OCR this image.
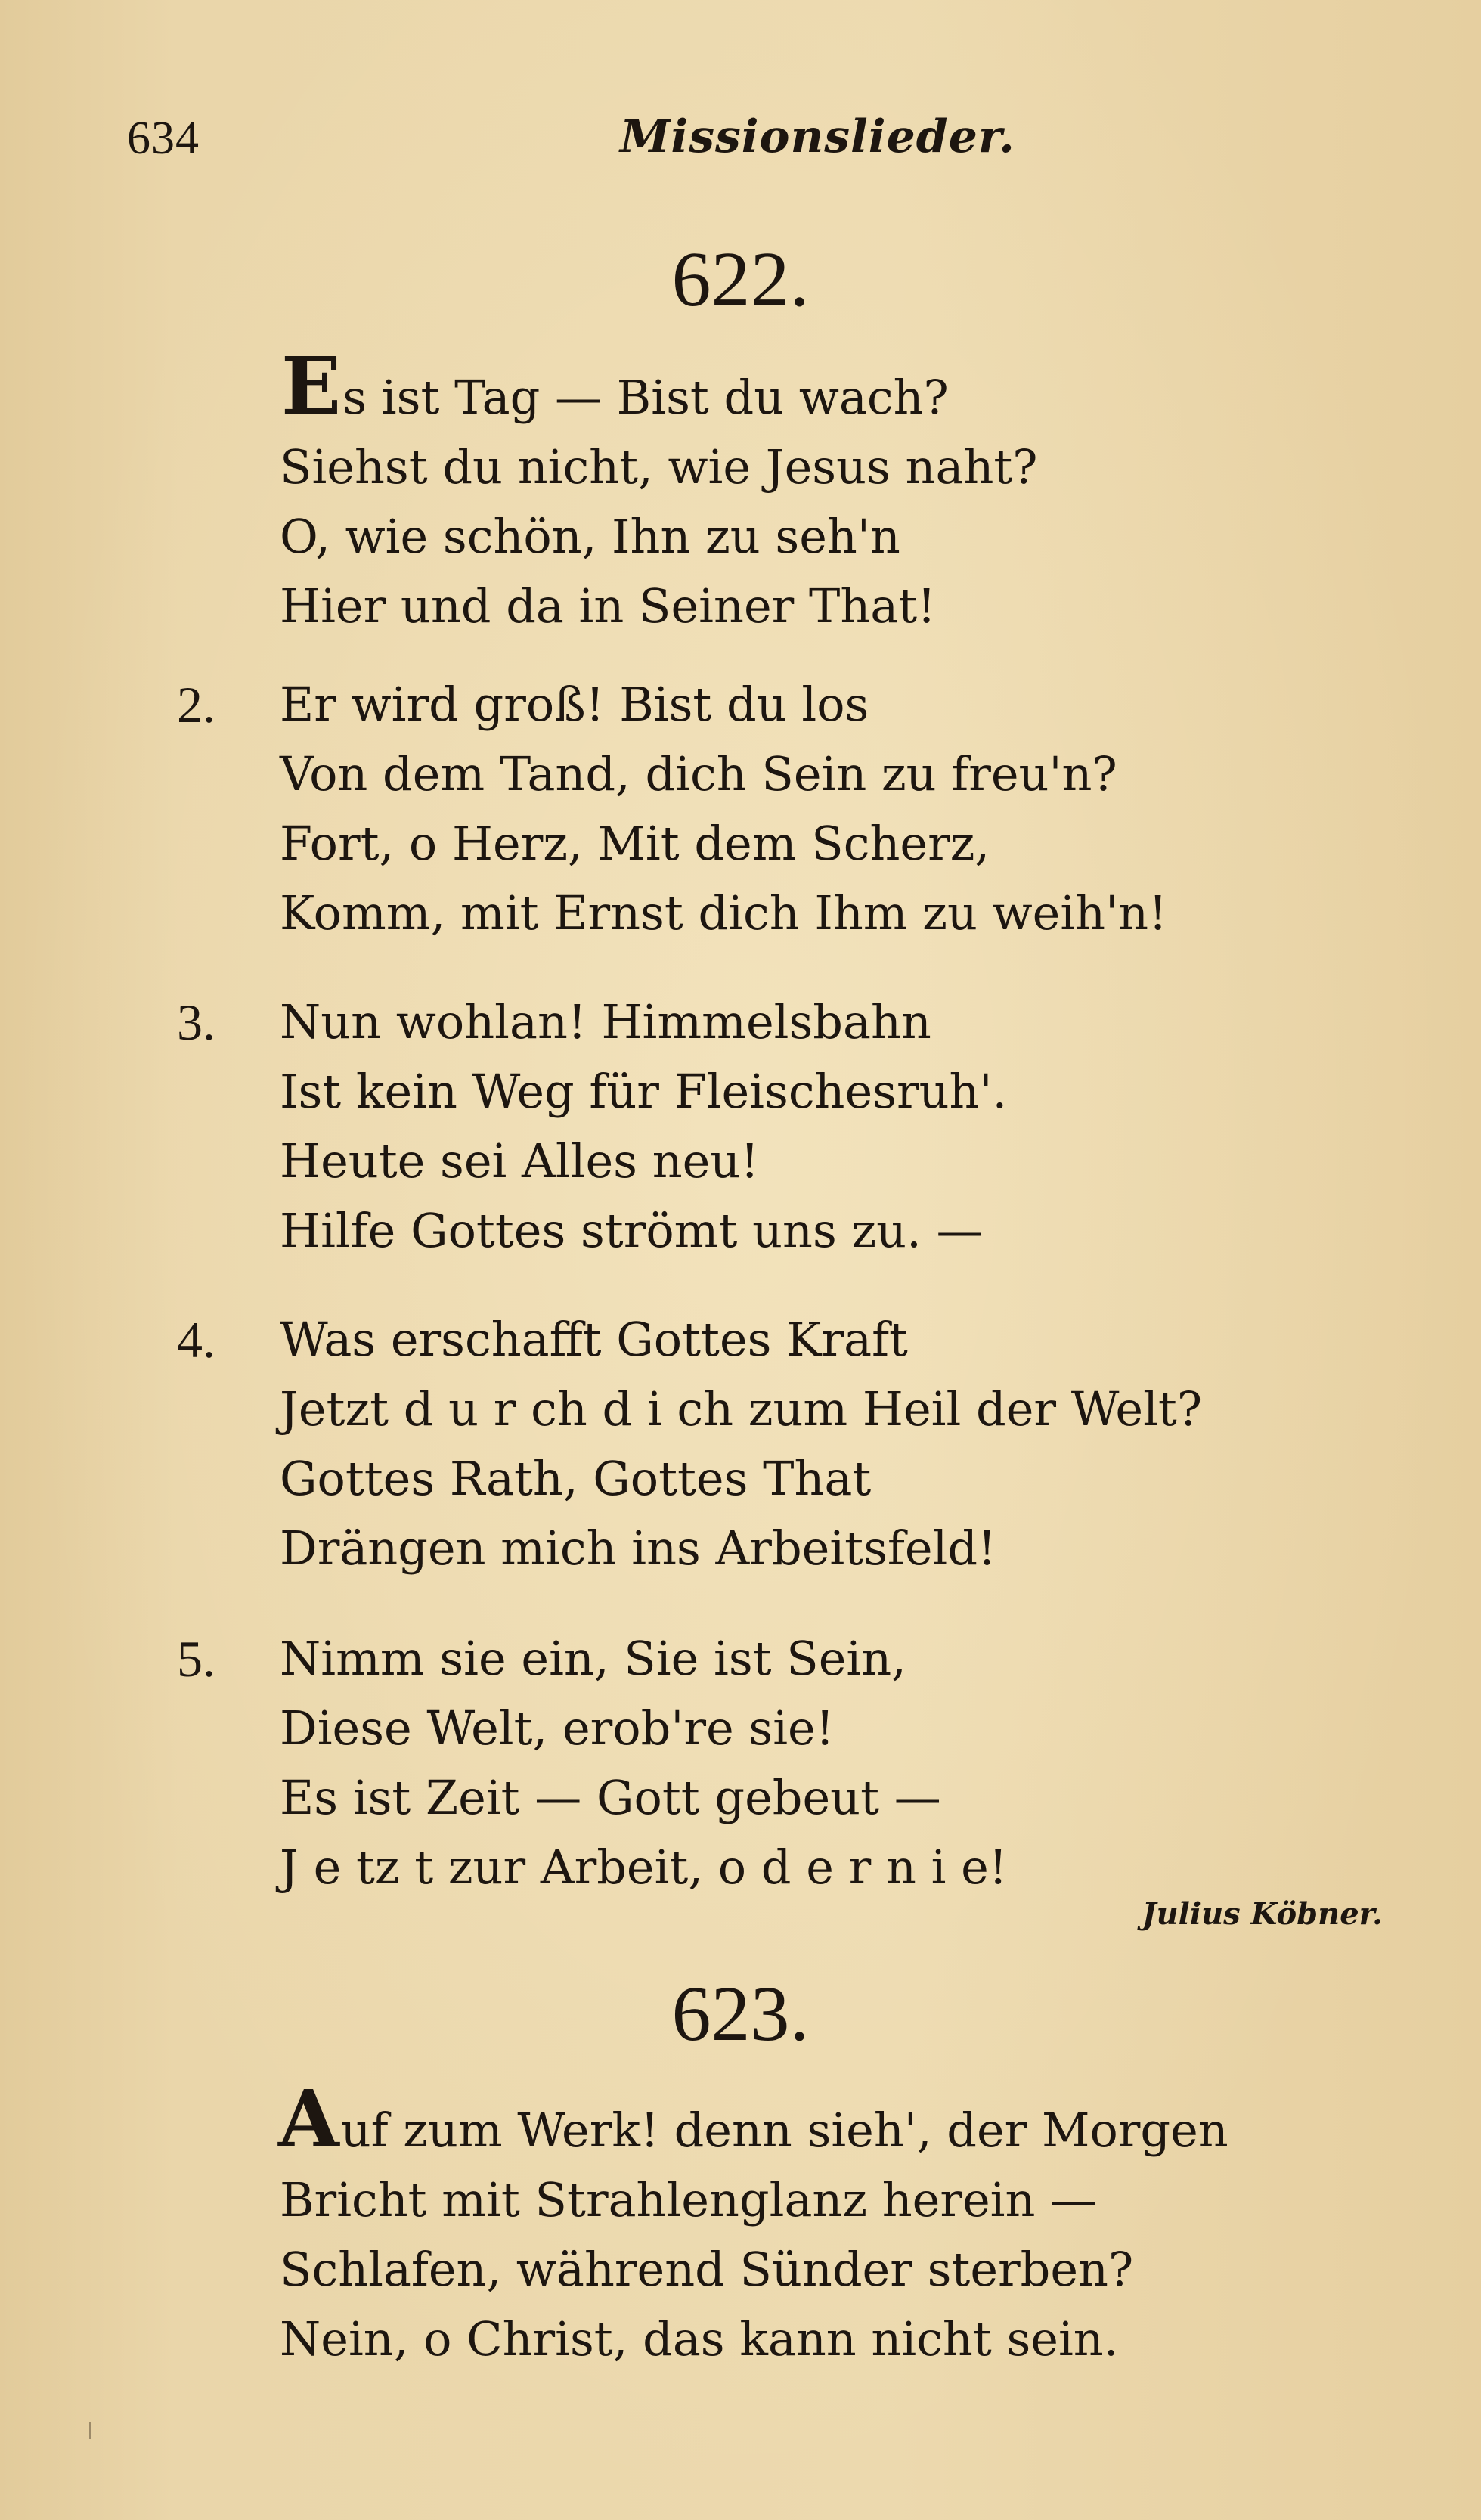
634	Missionslieder.
622.
Es ist Tag — Bist du wach?
Siehst du nicht, wie Jesus naht?
O, wie schön, Ihn zu seh'n
Hier und da in Seiner That!
2. Er wird groß! Bist du los
Von dem Tand, dich Sein zu freu'n?
Fort, o Herz, Mit dem Scherz,
Komm, mit Ernst dich Ihm zu weih'n!
3. Nun wohlan! Himmelsbahn
Ist kein Weg für Fleischesruh'.
Heute sei Alles neu!
Hilfe Gottes strömt uns zu. —
4. Was erschafft Gottes Kraft
Jetzt d u r ch d i ch zum Heil der Welt?
Gottes Rath, Gottes That
Drängen mich ins Arbeitsfeld!
5. Nimm sie ein, Sie ist Sein,
Diese Welt, erob're sie!
Es ist Zeit — Gott gebeut —
J e tz t zur Arbeit, o d e r n i e!
Julius Köbner.
623.
Auf zum Werk! denn sieh', der Morgen
Bricht mit Strahlenglanz herein —
Schlafen, während Sünder sterben?
Nein, o Christ, das kann nicht sein.
